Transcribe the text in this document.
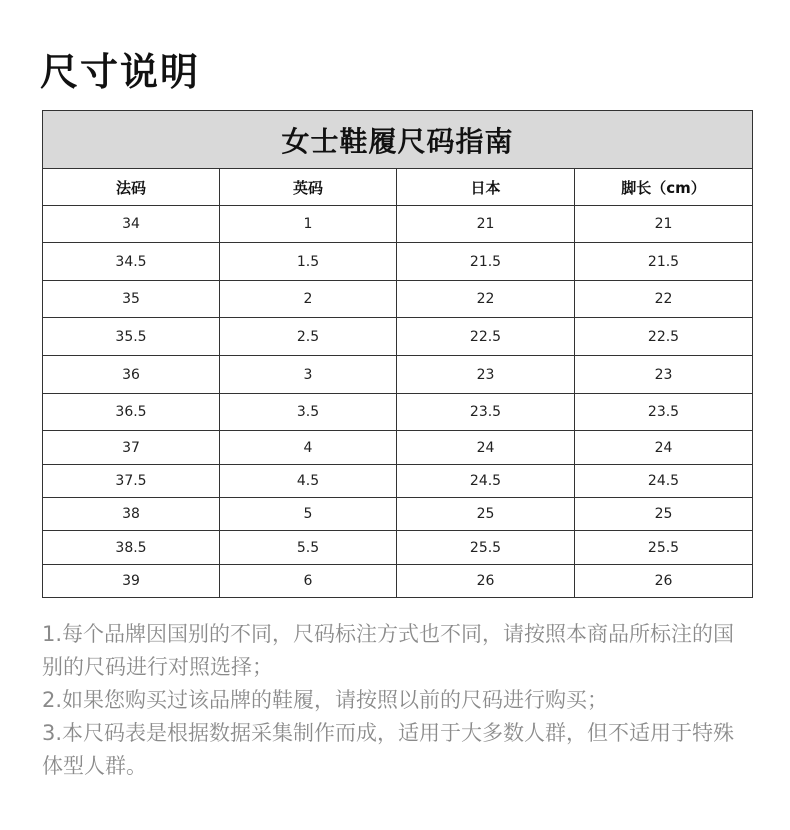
尺寸说明
女士鞋履尺码指南			
法码	英码	日本	脚长（cm）
34	1	21	21
34.5	1.5	21.5	21.5
35	2	22	22
35.5	2.5	22.5	22.5
36	3	23	23
36.5	3.5	23.5	23.5
37	4	24	24
37.5	4.5	24.5	24.5
38	5	25	25
38.5	5.5	25.5	25.5
39	6	26	26

1.每个品牌因国别的不同，尺码标注方式也不同，请按照本商品所标注的国别的尺码进行对照选择；

2.如果您购买过该品牌的鞋履，请按照以前的尺码进行购买；

3.本尺码表是根据数据采集制作而成，适用于大多数人群，但不适用于特殊体型人群。
